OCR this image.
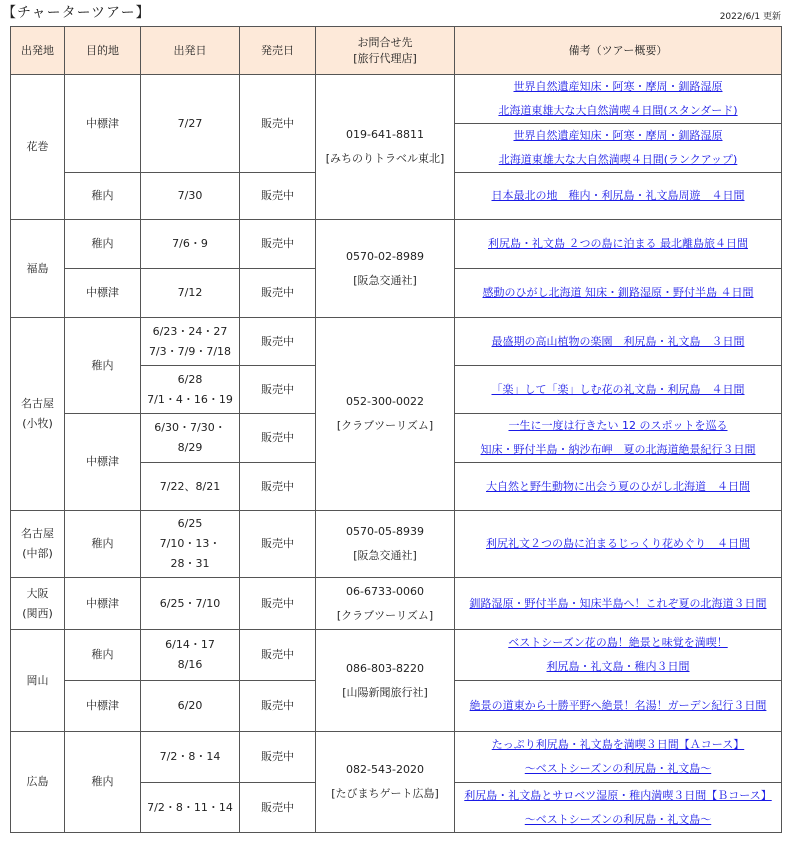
【チャーターツアー】	2022/6/1 更新
出発地	目的地	出発日	発売日	お問合せ先
[旅行代理店]	備考（ツアー概要）

花巻	中標津	7/27	販売中	019-641-8811
[みちのりトラベル東北]	世界自然遺産知床・阿寒・摩周・釧路湿原
北海道東雄大な大自然満喫４日間(スタンダード)

					世界自然遺産知床・阿寒・摩周・釧路湿原
北海道東雄大な大自然満喫４日間(ランクアップ)

	稚内	7/30	販売中		日本最北の地　稚内・利尻島・礼文島周遊　４日間

福島	稚内	7/6・9	販売中	0570-02-8989
[阪急交通社]	利尻島・礼文島 ２つの島に泊まる 最北離島旅４日間

	中標津	7/12	販売中		感動のひがし北海道 知床・釧路湿原・野付半島 ４日間

名古屋
(小牧)	稚内	6/23・24・27
7/3・7/9・7/18	販売中	052-300-0022
[クラブツーリズム]	最盛期の高山植物の楽園　利尻島・礼文島　３日間

		6/28
7/1・4・16・19	販売中		「楽」して「楽」しむ花の礼文島・利尻島　４日間

	中標津	6/30・7/30・
8/29	販売中		一生に一度は行きたい 12 のスポットを巡る
知床・野付半島・納沙布岬　夏の北海道絶景紀行３日間

		7/22、8/21	販売中		大自然と野生動物に出会う夏のひがし北海道　４日間

名古屋
(中部)	稚内	6/25
7/10・13・
28・31	販売中	0570-05-8939
[阪急交通社]	利尻礼文２つの島に泊まるじっくり花めぐり　４日間

大阪
(関西)	中標津	6/25・7/10	販売中	06-6733-0060
[クラブツーリズム]	釧路湿原・野付半島・知床半島へ！これぞ夏の北海道３日間

岡山	稚内	6/14・17
8/16	販売中	086-803-8220
[山陽新聞旅行社]	ベストシーズン花の島！絶景と味覚を満喫！
利尻島・礼文島・稚内３日間

	中標津	6/20	販売中		絶景の道東から十勝平野へ絶景！名湯！ガーデン紀行３日間

広島	稚内	7/2・8・14	販売中	082-543-2020
[たびまちゲート広島]	たっぷり利尻島・礼文島を満喫３日間【Ａコース】
～ベストシーズンの利尻島・礼文島～

		7/2・8・11・14	販売中		利尻島・礼文島とサロベツ湿原・稚内満喫３日間【Ｂコース】
～ベストシーズンの利尻島・礼文島～
